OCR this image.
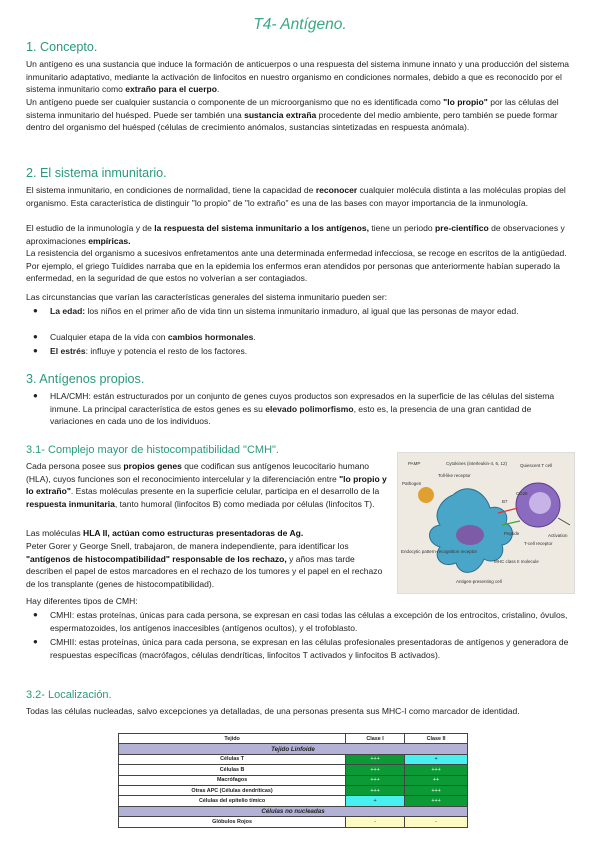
T4- Antígeno.
1. Concepto.
Un antígeno es una sustancia que induce la formación de anticuerpos o una respuesta del sistema inmune innato y una producción del sistema inmunitario adaptativo, mediante la activación de linfocitos en nuestro organismo en condiciones normales, debido a que es reconocido por el sistema inmunitario como extraño para el cuerpo.
Un antígeno puede ser cualquier sustancia o componente de un microorganismo que no es identificada como "lo propio" por las células del sistema inmunitario del huésped. Puede ser también una sustancia extraña procedente del medio ambiente, pero también se puede formar dentro del organismo del huésped (células de crecimiento anómalos, sustancias sintetizadas en respuesta anómala).
2. El sistema inmunitario.
El sistema inmunitario, en condiciones de normalidad, tiene la capacidad de reconocer cualquier molécula distinta a las moléculas propias del organismo. Esta característica de distinguir "lo propio" de "lo extraño" es una de las bases con mayor importancia de la inmunología.
El estudio de la inmunología y de la respuesta del sistema inmunitario a los antígenos, tiene un periodo pre-científico de observaciones y aproximaciones empíricas.
La resistencia del organismo a sucesivos enfretamentos ante una determinada enfermedad infecciosa, se recoge en escritos de la antigüedad. Por ejemplo, el griego Tuídides narraba que en la epidemia los enfermos eran atendidos por personas que anteriormente habían superado la enfermedad, en la seguridad de que estos no volverían a ser contagiados.
Las circunstancias que varían las características generales del sistema inmunitario pueden ser:
● La edad: los niños en el primer año de vida tinn un sistema inmunitario inmaduro, al igual que las personas de mayor edad.
● Cualquier etapa de la vida con cambios hormonales.
● El estrés: influye y potencia el resto de los factores.
3. Antígenos propios.
● HLA/CMH: están estructurados por un conjunto de genes cuyos productos son expresados en la superficie de las células del sistema inmune. La principal característica de estos genes es su elevado polimorfismo, esto es, la presencia de una gran cantidad de variaciones en cada uno de los individuos.
3.1- Complejo mayor de histocompatibilidad "CMH".
Cada persona posee sus propios genes que codifican sus antígenos leucocitario humano (HLA), cuyos funciones son el reconocimiento intercelular y la diferenciación entre "lo propio y lo extraño". Estas moléculas presente en la superficie celular, participa en el desarrollo de la respuesta inmunitaria, tanto humoral (linfocitos B) como mediada por células (linfocitos T).
Las moléculas HLA II, actúan como estructuras presentadoras de Ag.
Peter Gorer y George Snell, trabajaron, de manera independiente, para identificar los "antígenos de histocompatibilidad" responsable de los rechazo, y años mas tarde describen el papel de estos marcadores en el rechazo de los tumores y el papel en el rechazo de los transplante (genes de histocompatibilidad).
Hay diferentes tipos de CMH:
● CMHI: estas proteínas, únicas para cada persona, se expresan en casi todas las células a excepción de los entrocitos, cristalino, óvulos, espermatozoides, los antígenos inaccesibles (antígenos ocultos), y el trofoblasto.
● CMHII: estas proteínas, única para cada persona, se expresan en las células profesionales presentadoras de antígenos y generadora de respuestas específicas (macrófagos, células dendríticas, linfocitos T activados y linfocitos B activados).
PAMP	Cytokines (interleukin-4, 6, 12)
Toll-like receptor
Quiescent T cell
Pathogen
Activation
CD28
B7
Peptide
T-cell receptor
Endocytic pattern-recognition receptor
MHC class II molecule
Antigen-presenting cell
3.2- Localización.
Todas las células nucleadas, salvo excepciones ya detalladas, de una personas presenta sus MHC-I como marcador de identidad.
Tejido	Clase I	Clase II
Tejido Linfoide		
Células T	+++	+
Células B	+++	+++
Macrófagos	+++	++
Otras APC (Células dendríticas)	+++	+++
Células del epitelio tímico	+	+++
Células no nucleadas		
Glóbulos Rojos	-	-
